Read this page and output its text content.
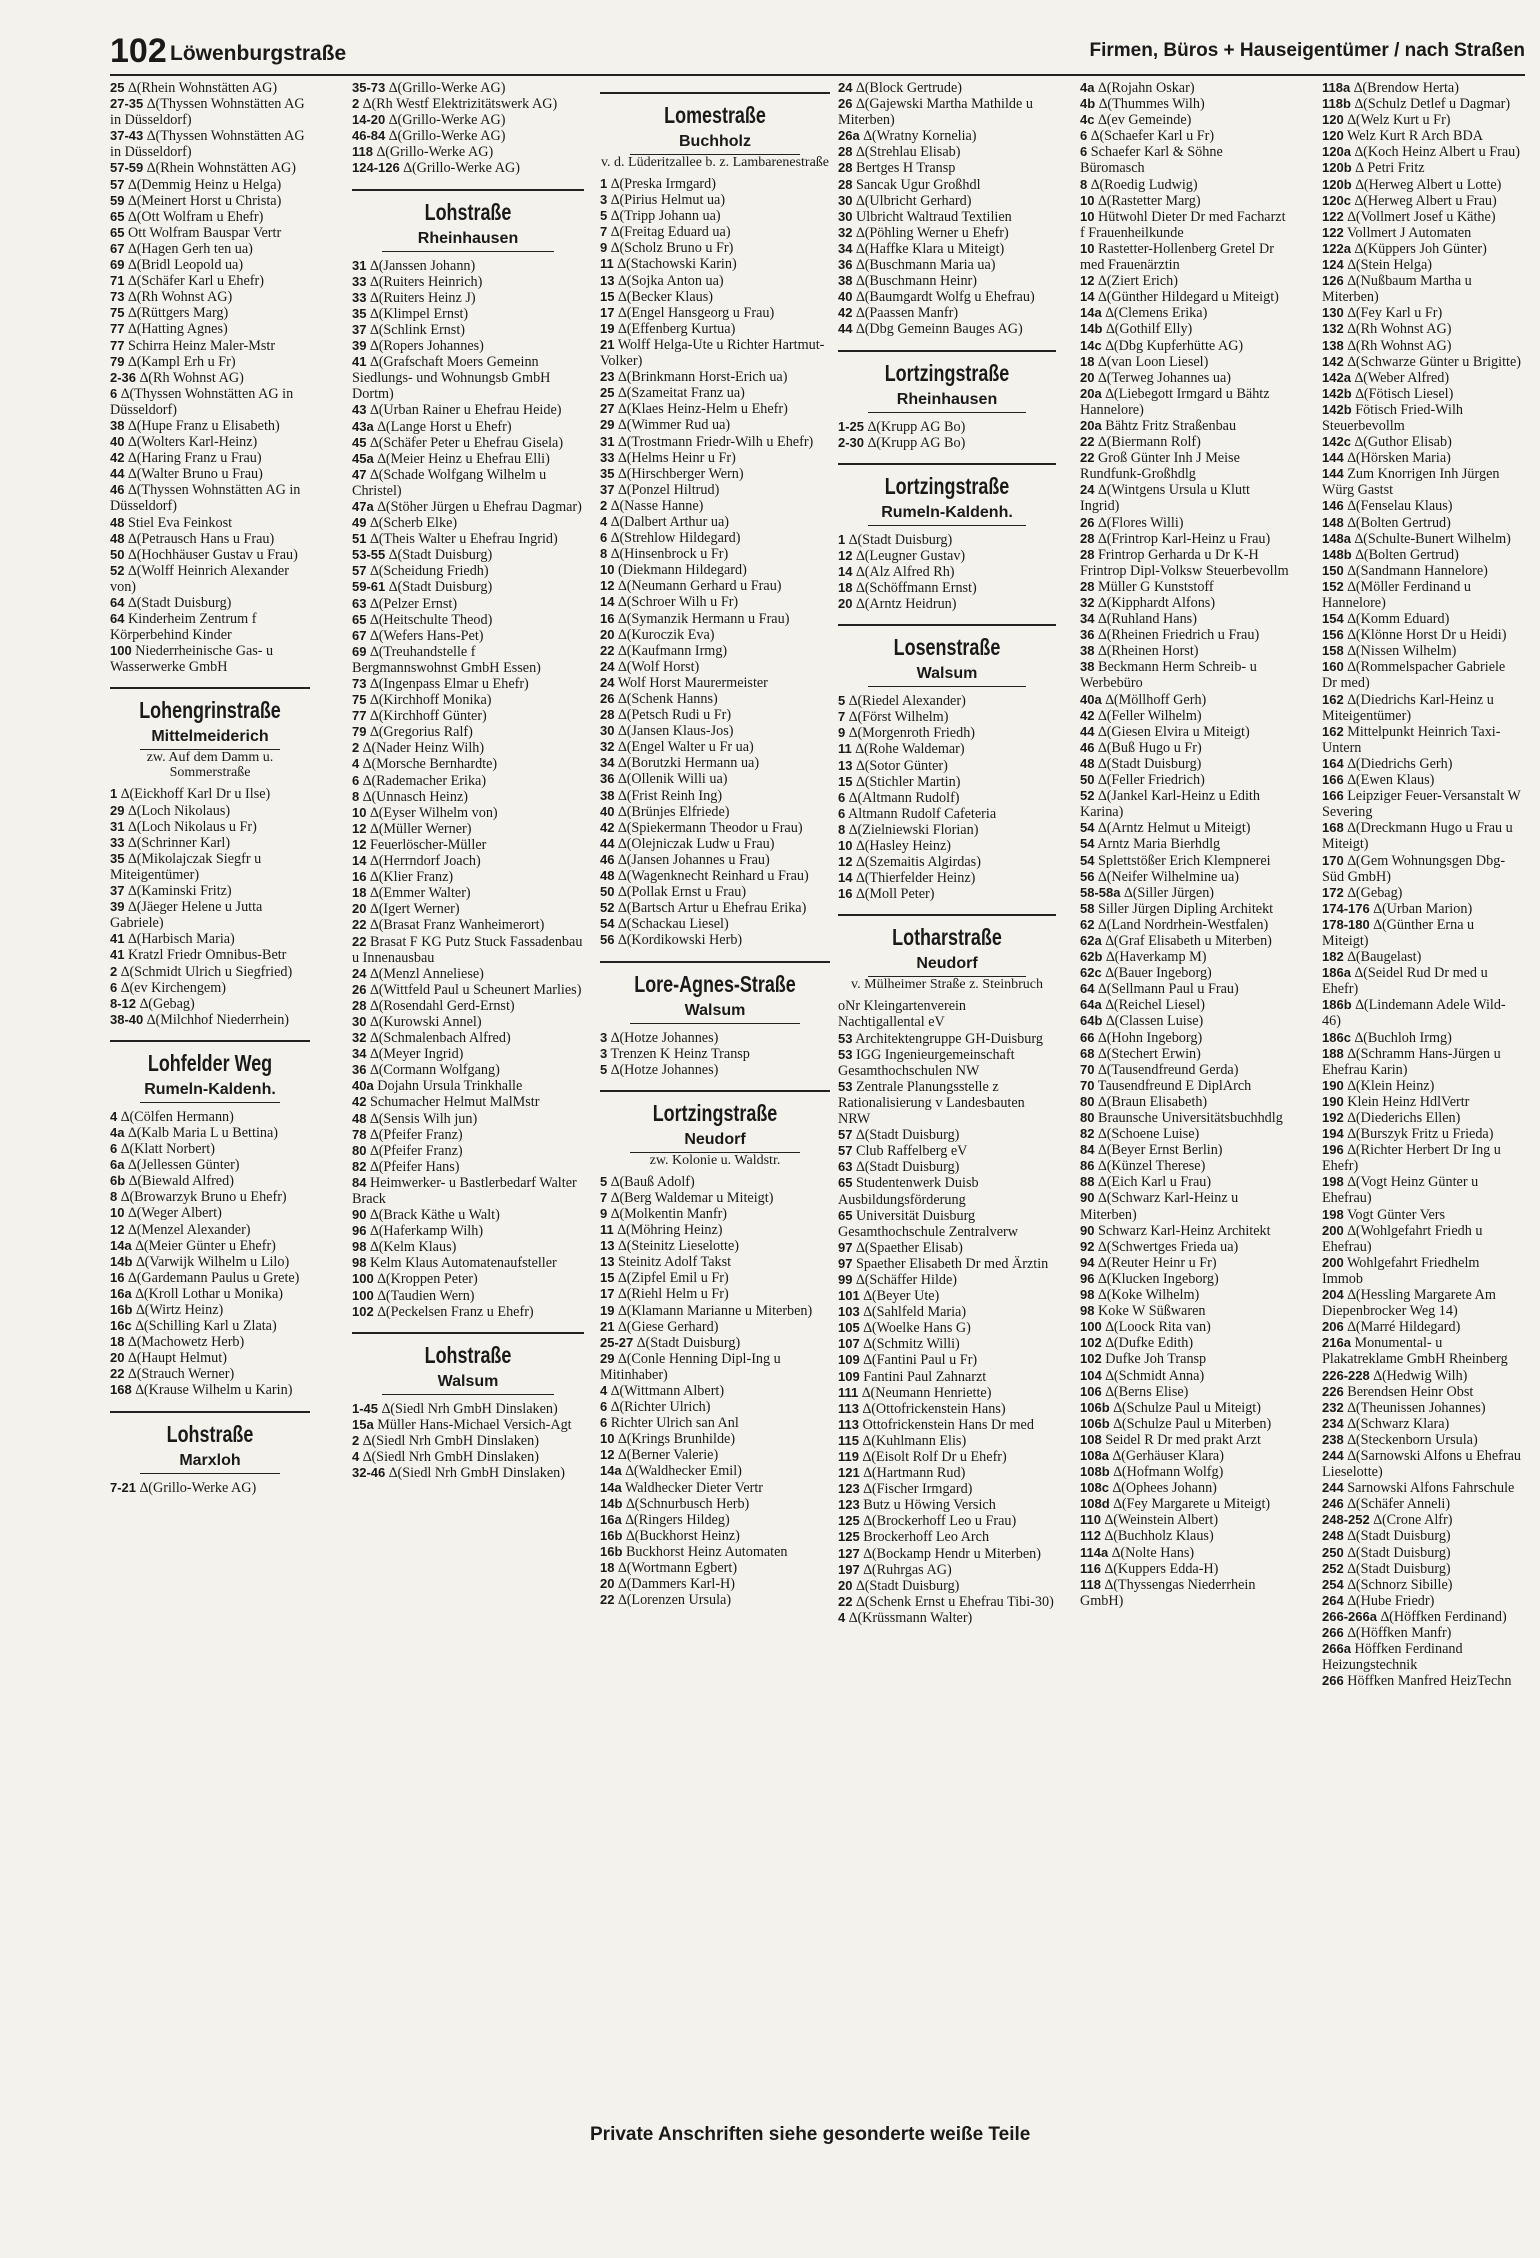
102 Löwenburgstraße	Firmen, Büros + Hauseigentümer / nach Straßen
25 ∆(Rhein Wohnstätten AG)
27-35 ∆(Thyssen Wohnstätten AG in Düsseldorf)
37-43 ∆(Thyssen Wohnstätten AG in Düsseldorf)
57-59 ∆(Rhein Wohnstätten AG)
57 ∆(Demmig Heinz u Helga)
59 ∆(Meinert Horst u Christa)
65 ∆(Ott Wolfram u Ehefr)
65 Ott Wolfram Bauspar Vertr
67 ∆(Hagen Gerh ten ua)
69 ∆(Bridl Leopold ua)
71 ∆(Schäfer Karl u Ehefr)
73 ∆(Rh Wohnst AG)
75 ∆(Rüttgers Marg)
77 ∆(Hatting Agnes)
77 Schirra Heinz Maler-Mstr
79 ∆(Kampl Erh u Fr)
2-36 ∆(Rh Wohnst AG)
6 ∆(Thyssen Wohnstätten AG in Düsseldorf)
38 ∆(Hupe Franz u Elisabeth)
40 ∆(Wolters Karl-Heinz)
42 ∆(Haring Franz u Frau)
44 ∆(Walter Bruno u Frau)
46 ∆(Thyssen Wohnstätten AG in Düsseldorf)
48 Stiel Eva Feinkost
48 ∆(Petrausch Hans u Frau)
50 ∆(Hochhäuser Gustav u Frau)
52 ∆(Wolff Heinrich Alexander von)
64 ∆(Stadt Duisburg)
64 Kinderheim Zentrum f Körperbehind Kinder
100 Niederrheinische Gas- u Wasserwerke GmbH
Lohengrinstraße
Mittelmeiderich
zw. Auf dem Damm u. Sommerstraße
1 ∆(Eickhoff Karl Dr u Ilse)
29 ∆(Loch Nikolaus)
31 ∆(Loch Nikolaus u Fr)
33 ∆(Schrinner Karl)
35 ∆(Mikolajczak Siegfr u Miteigentümer)
37 ∆(Kaminski Fritz)
39 ∆(Jäeger Helene u Jutta Gabriele)
41 ∆(Harbisch Maria)
41 Kratzl Friedr Omnibus-Betr
2 ∆(Schmidt Ulrich u Siegfried)
6 ∆(ev Kirchengem)
8-12 ∆(Gebag)
38-40 ∆(Milchhof Niederrhein)
Lohfelder Weg
Rumeln-Kaldenh.
4 ∆(Cölfen Hermann)
4a ∆(Kalb Maria L u Bettina)
6 ∆(Klatt Norbert)
6a ∆(Jellessen Günter)
6b ∆(Biewald Alfred)
8 ∆(Browarzyk Bruno u Ehefr)
10 ∆(Weger Albert)
12 ∆(Menzel Alexander)
14a ∆(Meier Günter u Ehefr)
14b ∆(Varwijk Wilhelm u Lilo)
16 ∆(Gardemann Paulus u Grete)
16a ∆(Kroll Lothar u Monika)
16b ∆(Wirtz Heinz)
16c ∆(Schilling Karl u Zlata)
18 ∆(Machowetz Herb)
20 ∆(Haupt Helmut)
22 ∆(Strauch Werner)
168 ∆(Krause Wilhelm u Karin)
Lohstraße
Marxloh
7-21 ∆(Grillo-Werke AG)
35-73 ∆(Grillo-Werke AG)
2 ∆(Rh Westf Elektrizitätswerk AG)
14-20 ∆(Grillo-Werke AG)
46-84 ∆(Grillo-Werke AG)
118 ∆(Grillo-Werke AG)
124-126 ∆(Grillo-Werke AG)
Lohstraße
Rheinhausen
31 ∆(Janssen Johann)
33 ∆(Ruiters Heinrich)
33 ∆(Ruiters Heinz J)
35 ∆(Klimpel Ernst)
37 ∆(Schlink Ernst)
39 ∆(Ropers Johannes)
41 ∆(Grafschaft Moers Gemeinn Siedlungs- und Wohnungsb GmbH Dortm)
43 ∆(Urban Rainer u Ehefrau Heide)
43a ∆(Lange Horst u Ehefr)
45 ∆(Schäfer Peter u Ehefrau Gisela)
45a ∆(Meier Heinz u Ehefrau Elli)
47 ∆(Schade Wolfgang Wilhelm u Christel)
47a ∆(Stöher Jürgen u Ehefrau Dagmar)
49 ∆(Scherb Elke)
51 ∆(Theis Walter u Ehefrau Ingrid)
53-55 ∆(Stadt Duisburg)
57 ∆(Scheidung Friedh)
59-61 ∆(Stadt Duisburg)
63 ∆(Pelzer Ernst)
65 ∆(Heitschulte Theod)
67 ∆(Wefers Hans-Pet)
69 ∆(Treuhandstelle f Bergmannswohnst GmbH Essen)
73 ∆(Ingenpass Elmar u Ehefr)
75 ∆(Kirchhoff Monika)
77 ∆(Kirchhoff Günter)
79 ∆(Gregorius Ralf)
2 ∆(Nader Heinz Wilh)
4 ∆(Morsche Bernhardte)
6 ∆(Rademacher Erika)
8 ∆(Unnasch Heinz)
10 ∆(Eyser Wilhelm von)
12 ∆(Müller Werner)
12 Feuerlöscher-Müller
14 ∆(Herrndorf Joach)
16 ∆(Klier Franz)
18 ∆(Emmer Walter)
20 ∆(Igert Werner)
22 ∆(Brasat Franz Wanheimerort)
22 Brasat F KG Putz Stuck Fassadenbau u Innenausbau
24 ∆(Menzl Anneliese)
26 ∆(Wittfeld Paul u Scheunert Marlies)
28 ∆(Rosendahl Gerd-Ernst)
30 ∆(Kurowski Annel)
32 ∆(Schmalenbach Alfred)
34 ∆(Meyer Ingrid)
36 ∆(Cormann Wolfgang)
40a Dojahn Ursula Trinkhalle
42 Schumacher Helmut MalMstr
48 ∆(Sensis Wilh jun)
78 ∆(Pfeifer Franz)
80 ∆(Pfeifer Franz)
82 ∆(Pfeifer Hans)
84 Heimwerker- u Bastlerbedarf Walter Brack
90 ∆(Brack Käthe u Walt)
96 ∆(Haferkamp Wilh)
98 ∆(Kelm Klaus)
98 Kelm Klaus Automatenaufsteller
100 ∆(Kroppen Peter)
100 ∆(Taudien Wern)
102 ∆(Peckelsen Franz u Ehefr)
Lohstraße
Walsum
1-45 ∆(Siedl Nrh GmbH Dinslaken)
15a Müller Hans-Michael Versich-Agt
2 ∆(Siedl Nrh GmbH Dinslaken)
4 ∆(Siedl Nrh GmbH Dinslaken)
32-46 ∆(Siedl Nrh GmbH Dinslaken)
Lomestraße
Buchholz
v. d. Lüderitzallee b. z. Lambarenestraße
1 ∆(Preska Irmgard)
3 ∆(Pirius Helmut ua)
5 ∆(Tripp Johann ua)
7 ∆(Freitag Eduard ua)
9 ∆(Scholz Bruno u Fr)
11 ∆(Stachowski Karin)
13 ∆(Sojka Anton ua)
15 ∆(Becker Klaus)
17 ∆(Engel Hansgeorg u Frau)
19 ∆(Effenberg Kurtua)
21 Wolff Helga-Ute u Richter Hartmut-Volker)
23 ∆(Brinkmann Horst-Erich ua)
25 ∆(Szameitat Franz ua)
27 ∆(Klaes Heinz-Helm u Ehefr)
29 ∆(Wimmer Rud ua)
31 ∆(Trostmann Friedr-Wilh u Ehefr)
33 ∆(Helms Heinr u Fr)
35 ∆(Hirschberger Wern)
37 ∆(Ponzel Hiltrud)
2 ∆(Nasse Hanne)
4 ∆(Dalbert Arthur ua)
6 ∆(Strehlow Hildegard)
8 ∆(Hinsenbrock u Fr)
10 (Diekmann Hildegard)
12 ∆(Neumann Gerhard u Frau)
14 ∆(Schroer Wilh u Fr)
16 ∆(Symanzik Hermann u Frau)
20 ∆(Kuroczik Eva)
22 ∆(Kaufmann Irmg)
24 ∆(Wolf Horst)
24 Wolf Horst Maurermeister
26 ∆(Schenk Hanns)
28 ∆(Petsch Rudi u Fr)
30 ∆(Jansen Klaus-Jos)
32 ∆(Engel Walter u Fr ua)
34 ∆(Borutzki Hermann ua)
36 ∆(Ollenik Willi ua)
38 ∆(Frist Reinh Ing)
40 ∆(Brünjes Elfriede)
42 ∆(Spiekermann Theodor u Frau)
44 ∆(Olejniczak Ludw u Frau)
46 ∆(Jansen Johannes u Frau)
48 ∆(Wagenknecht Reinhard u Frau)
50 ∆(Pollak Ernst u Frau)
52 ∆(Bartsch Artur u Ehefrau Erika)
54 ∆(Schackau Liesel)
56 ∆(Kordikowski Herb)
Lore-Agnes-Straße
Walsum
3 ∆(Hotze Johannes)
3 Trenzen K Heinz Transp
5 ∆(Hotze Johannes)
Lortzingstraße
Neudorf
zw. Kolonie u. Waldstr.
5 ∆(Bauß Adolf)
7 ∆(Berg Waldemar u Miteigt)
9 ∆(Molkentin Manfr)
11 ∆(Möhring Heinz)
13 ∆(Steinitz Lieselotte)
13 Steinitz Adolf Takst
15 ∆(Zipfel Emil u Fr)
17 ∆(Riehl Helm u Fr)
19 ∆(Klamann Marianne u Miterben)
21 ∆(Giese Gerhard)
25-27 ∆(Stadt Duisburg)
29 ∆(Conle Henning Dipl-Ing u Mitinhaber)
4 ∆(Wittmann Albert)
6 ∆(Richter Ulrich)
6 Richter Ulrich san Anl
10 ∆(Krings Brunhilde)
12 ∆(Berner Valerie)
14a ∆(Waldhecker Emil)
14a Waldhecker Dieter Vertr
14b ∆(Schnurbusch Herb)
16a ∆(Ringers Hildeg)
16b ∆(Buckhorst Heinz)
16b Buckhorst Heinz Automaten
18 ∆(Wortmann Egbert)
20 ∆(Dammers Karl-H)
22 ∆(Lorenzen Ursula)
24 ∆(Block Gertrude)
26 ∆(Gajewski Martha Mathilde u Miterben)
26a ∆(Wratny Kornelia)
28 ∆(Strehlau Elisab)
28 Bertges H Transp
28 Sancak Ugur Großhdl
30 ∆(Ulbricht Gerhard)
30 Ulbricht Waltraud Textilien
32 ∆(Pöhling Werner u Ehefr)
34 ∆(Haffke Klara u Miteigt)
36 ∆(Buschmann Maria ua)
38 ∆(Buschmann Heinr)
40 ∆(Baumgardt Wolfg u Ehefrau)
42 ∆(Paassen Manfr)
44 ∆(Dbg Gemeinn Bauges AG)
Lortzingstraße
Rheinhausen
1-25 ∆(Krupp AG Bo)
2-30 ∆(Krupp AG Bo)
Lortzingstraße
Rumeln-Kaldenh.
1 ∆(Stadt Duisburg)
12 ∆(Leugner Gustav)
14 ∆(Alz Alfred Rh)
18 ∆(Schöffmann Ernst)
20 ∆(Arntz Heidrun)
Losenstraße
Walsum
5 ∆(Riedel Alexander)
7 ∆(Först Wilhelm)
9 ∆(Morgenroth Friedh)
11 ∆(Rohe Waldemar)
13 ∆(Sotor Günter)
15 ∆(Stichler Martin)
6 ∆(Altmann Rudolf)
6 Altmann Rudolf Cafeteria
8 ∆(Zielniewski Florian)
10 ∆(Hasley Heinz)
12 ∆(Szemaitis Algirdas)
14 ∆(Thierfelder Heinz)
16 ∆(Moll Peter)
Lotharstraße
Neudorf
v. Mülheimer Straße z. Steinbruch
oNr Kleingartenverein Nachtigallental eV
53 Architektengruppe GH-Duisburg
53 IGG Ingenieurgemeinschaft Gesamthochschulen NW
53 Zentrale Planungsstelle z Rationalisierung v Landesbauten NRW
57 ∆(Stadt Duisburg)
57 Club Raffelberg eV
63 ∆(Stadt Duisburg)
65 Studentenwerk Duisb Ausbildungsförderung
65 Universität Duisburg Gesamthochschule Zentralverw
97 ∆(Spaether Elisab)
97 Spaether Elisabeth Dr med Ärztin
99 ∆(Schäffer Hilde)
101 ∆(Beyer Ute)
103 ∆(Sahlfeld Maria)
105 ∆(Woelke Hans G)
107 ∆(Schmitz Willi)
109 ∆(Fantini Paul u Fr)
109 Fantini Paul Zahnarzt
111 ∆(Neumann Henriette)
113 ∆(Ottofrickenstein Hans)
113 Ottofrickenstein Hans Dr med
115 ∆(Kuhlmann Elis)
119 ∆(Eisolt Rolf Dr u Ehefr)
121 ∆(Hartmann Rud)
123 ∆(Fischer Irmgard)
123 Butz u Höwing Versich
125 ∆(Brockerhoff Leo u Frau)
125 Brockerhoff Leo Arch
127 ∆(Bockamp Hendr u Miterben)
197 ∆(Ruhrgas AG)
20 ∆(Stadt Duisburg)
22 ∆(Schenk Ernst u Ehefrau Tibi-30)
4 ∆(Krüssmann Walter)
4a ∆(Rojahn Oskar)
4b ∆(Thummes Wilh)
4c ∆(ev Gemeinde)
6 ∆(Schaefer Karl u Fr)
6 Schaefer Karl & Söhne Büromasch
8 ∆(Roedig Ludwig)
10 ∆(Rastetter Marg)
10 Hütwohl Dieter Dr med Facharzt f Frauenheilkunde
10 Rastetter-Hollenberg Gretel Dr med Frauenärztin
12 ∆(Ziert Erich)
14 ∆(Günther Hildegard u Miteigt)
14a ∆(Clemens Erika)
14b ∆(Gothilf Elly)
14c ∆(Dbg Kupferhütte AG)
18 ∆(van Loon Liesel)
20 ∆(Terweg Johannes ua)
20a ∆(Liebegott Irmgard u Bähtz Hannelore)
20a Bähtz Fritz Straßenbau
22 ∆(Biermann Rolf)
22 Groß Günter Inh J Meise Rundfunk-Großhdlg
24 ∆(Wintgens Ursula u Klutt Ingrid)
26 ∆(Flores Willi)
28 ∆(Frintrop Karl-Heinz u Frau)
28 Frintrop Gerharda u Dr K-H Frintrop Dipl-Volksw Steuerbevollm
28 Müller G Kunststoff
32 ∆(Kipphardt Alfons)
34 ∆(Ruhland Hans)
36 ∆(Rheinen Friedrich u Frau)
38 ∆(Rheinen Horst)
38 Beckmann Herm Schreib- u Werbebüro
40a ∆(Möllhoff Gerh)
42 ∆(Feller Wilhelm)
44 ∆(Giesen Elvira u Miteigt)
46 ∆(Buß Hugo u Fr)
48 ∆(Stadt Duisburg)
50 ∆(Feller Friedrich)
52 ∆(Jankel Karl-Heinz u Edith Karina)
54 ∆(Arntz Helmut u Miteigt)
54 Arntz Maria Bierhdlg
54 Splettstößer Erich Klempnerei
56 ∆(Neifer Wilhelmine ua)
58-58a ∆(Siller Jürgen)
58 Siller Jürgen Dipling Architekt
62 ∆(Land Nordrhein-Westfalen)
62a ∆(Graf Elisabeth u Miterben)
62b ∆(Haverkamp M)
62c ∆(Bauer Ingeborg)
64 ∆(Sellmann Paul u Frau)
64a ∆(Reichel Liesel)
64b ∆(Classen Luise)
66 ∆(Hohn Ingeborg)
68 ∆(Stechert Erwin)
70 ∆(Tausendfreund Gerda)
70 Tausendfreund E DiplArch
80 ∆(Braun Elisabeth)
80 Braunsche Universitätsbuchhdlg
82 ∆(Schoene Luise)
84 ∆(Beyer Ernst Berlin)
86 ∆(Künzel Therese)
88 ∆(Eich Karl u Frau)
90 ∆(Schwarz Karl-Heinz u Miterben)
90 Schwarz Karl-Heinz Architekt
92 ∆(Schwertges Frieda ua)
94 ∆(Reuter Heinr u Fr)
96 ∆(Klucken Ingeborg)
98 ∆(Koke Wilhelm)
98 Koke W Süßwaren
100 ∆(Loock Rita van)
102 ∆(Dufke Edith)
102 Dufke Joh Transp
104 ∆(Schmidt Anna)
106 ∆(Berns Elise)
106b ∆(Schulze Paul u Miteigt)
106b ∆(Schulze Paul u Miterben)
108 Seidel R Dr med prakt Arzt
108a ∆(Gerhäuser Klara)
108b ∆(Hofmann Wolfg)
108c ∆(Ophees Johann)
108d ∆(Fey Margarete u Miteigt)
110 ∆(Weinstein Albert)
112 ∆(Buchholz Klaus)
114a ∆(Nolte Hans)
116 ∆(Kuppers Edda-H)
118 ∆(Thyssengas Niederrhein GmbH)
118a ∆(Brendow Herta)
118b ∆(Schulz Detlef u Dagmar)
120 ∆(Welz Kurt u Fr)
120 Welz Kurt R Arch BDA
120a ∆(Koch Heinz Albert u Frau)
120b ∆ Petri Fritz
120b ∆(Herweg Albert u Lotte)
120c ∆(Herweg Albert u Frau)
122 ∆(Vollmert Josef u Käthe)
122 Vollmert J Automaten
122a ∆(Küppers Joh Günter)
124 ∆(Stein Helga)
126 ∆(Nußbaum Martha u Miterben)
130 ∆(Fey Karl u Fr)
132 ∆(Rh Wohnst AG)
138 ∆(Rh Wohnst AG)
142 ∆(Schwarze Günter u Brigitte)
142a ∆(Weber Alfred)
142b ∆(Fötisch Liesel)
142b Fötisch Fried-Wilh Steuerbevollm
142c ∆(Guthor Elisab)
144 ∆(Hörsken Maria)
144 Zum Knorrigen Inh Jürgen Würg Gastst
146 ∆(Fenselau Klaus)
148 ∆(Bolten Gertrud)
148a ∆(Schulte-Bunert Wilhelm)
148b ∆(Bolten Gertrud)
150 ∆(Sandmann Hannelore)
152 ∆(Möller Ferdinand u Hannelore)
154 ∆(Komm Eduard)
156 ∆(Klönne Horst Dr u Heidi)
158 ∆(Nissen Wilhelm)
160 ∆(Rommelspacher Gabriele Dr med)
162 ∆(Diedrichs Karl-Heinz u Miteigentümer)
162 Mittelpunkt Heinrich Taxi-Untern
164 ∆(Diedrichs Gerh)
166 ∆(Ewen Klaus)
166 Leipziger Feuer-Versanstalt W Severing
168 ∆(Dreckmann Hugo u Frau u Miteigt)
170 ∆(Gem Wohnungsgen Dbg-Süd GmbH)
172 ∆(Gebag)
174-176 ∆(Urban Marion)
178-180 ∆(Günther Erna u Miteigt)
182 ∆(Baugelast)
186a ∆(Seidel Rud Dr med u Ehefr)
186b ∆(Lindemann Adele Wild-46)
186c ∆(Buchloh Irmg)
188 ∆(Schramm Hans-Jürgen u Ehefrau Karin)
190 ∆(Klein Heinz)
190 Klein Heinz HdlVertr
192 ∆(Diederichs Ellen)
194 ∆(Burszyk Fritz u Frieda)
196 ∆(Richter Herbert Dr Ing u Ehefr)
198 ∆(Vogt Heinz Günter u Ehefrau)
198 Vogt Günter Vers
200 ∆(Wohlgefahrt Friedh u Ehefrau)
200 Wohlgefahrt Friedhelm Immob
204 ∆(Hessling Margarete Am Diepenbrocker Weg 14)
206 ∆(Marré Hildegard)
216a Monumental- u Plakatreklame GmbH Rheinberg
226-228 ∆(Hedwig Wilh)
226 Berendsen Heinr Obst
232 ∆(Theunissen Johannes)
234 ∆(Schwarz Klara)
238 ∆(Steckenborn Ursula)
244 ∆(Sarnowski Alfons u Ehefrau Lieselotte)
244 Sarnowski Alfons Fahrschule
246 ∆(Schäfer Anneli)
248-252 ∆(Crone Alfr)
248 ∆(Stadt Duisburg)
250 ∆(Stadt Duisburg)
252 ∆(Stadt Duisburg)
254 ∆(Schnorz Sibille)
264 ∆(Hube Friedr)
266-266a ∆(Höffken Ferdinand)
266 ∆(Höffken Manfr)
266a Höffken Ferdinand Heizungstechnik
266 Höffken Manfred HeizTechn
Private Anschriften siehe gesonderte weiße Teile
